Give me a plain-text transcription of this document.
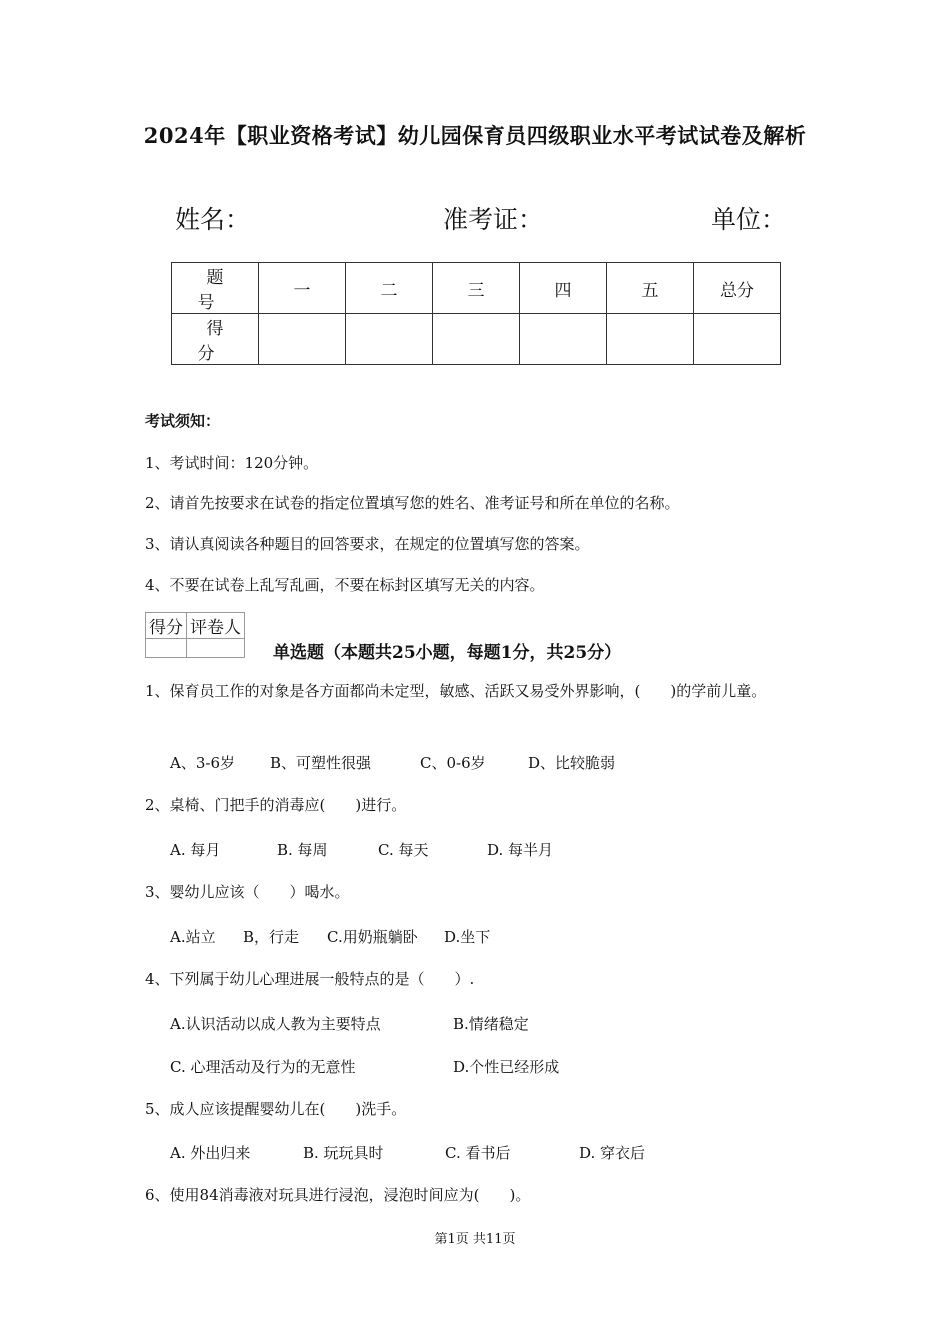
2024年【职业资格考试】幼儿园保育员四级职业水平考试试卷及解析
姓名：	准考证：	单位：
题 号	一	二	三	四	五	总分
得 分						
考试须知：
1、考试时间：120分钟。
2、请首先按要求在试卷的指定位置填写您的姓名、准考证号和所在单位的名称。
3、请认真阅读各种题目的回答要求，在规定的位置填写您的答案。
4、不要在试卷上乱写乱画，不要在标封区填写无关的内容。
得分	评卷人

单选题（本题共25小题，每题1分，共25分）
1、保育员工作的对象是各方面都尚未定型，敏感、活跃又易受外界影响，(　　)的学前儿童。
A、3-6岁 B、可塑性很强	C、0-6岁	D、比较脆弱
2、桌椅、门把手的消毒应(　　)进行。
A. 每月	B. 每周	C. 每天	D. 每半月
3、婴幼儿应该（　　）喝水。
A.站立 B，行走 C.用奶瓶躺卧 D.坐下
4、下列属于幼儿心理进展一般特点的是（　　）.
A.认识活动以成人教为主要特点	B.情绪稳定
C. 心理活动及行为的无意性	D.个性已经形成
5、成人应该提醒婴幼儿在(　　)洗手。
A. 外出归来	B. 玩玩具时	C. 看书后	D. 穿衣后
6、使用84消毒液对玩具进行浸泡，浸泡时间应为(　　)。
第1页 共11页
